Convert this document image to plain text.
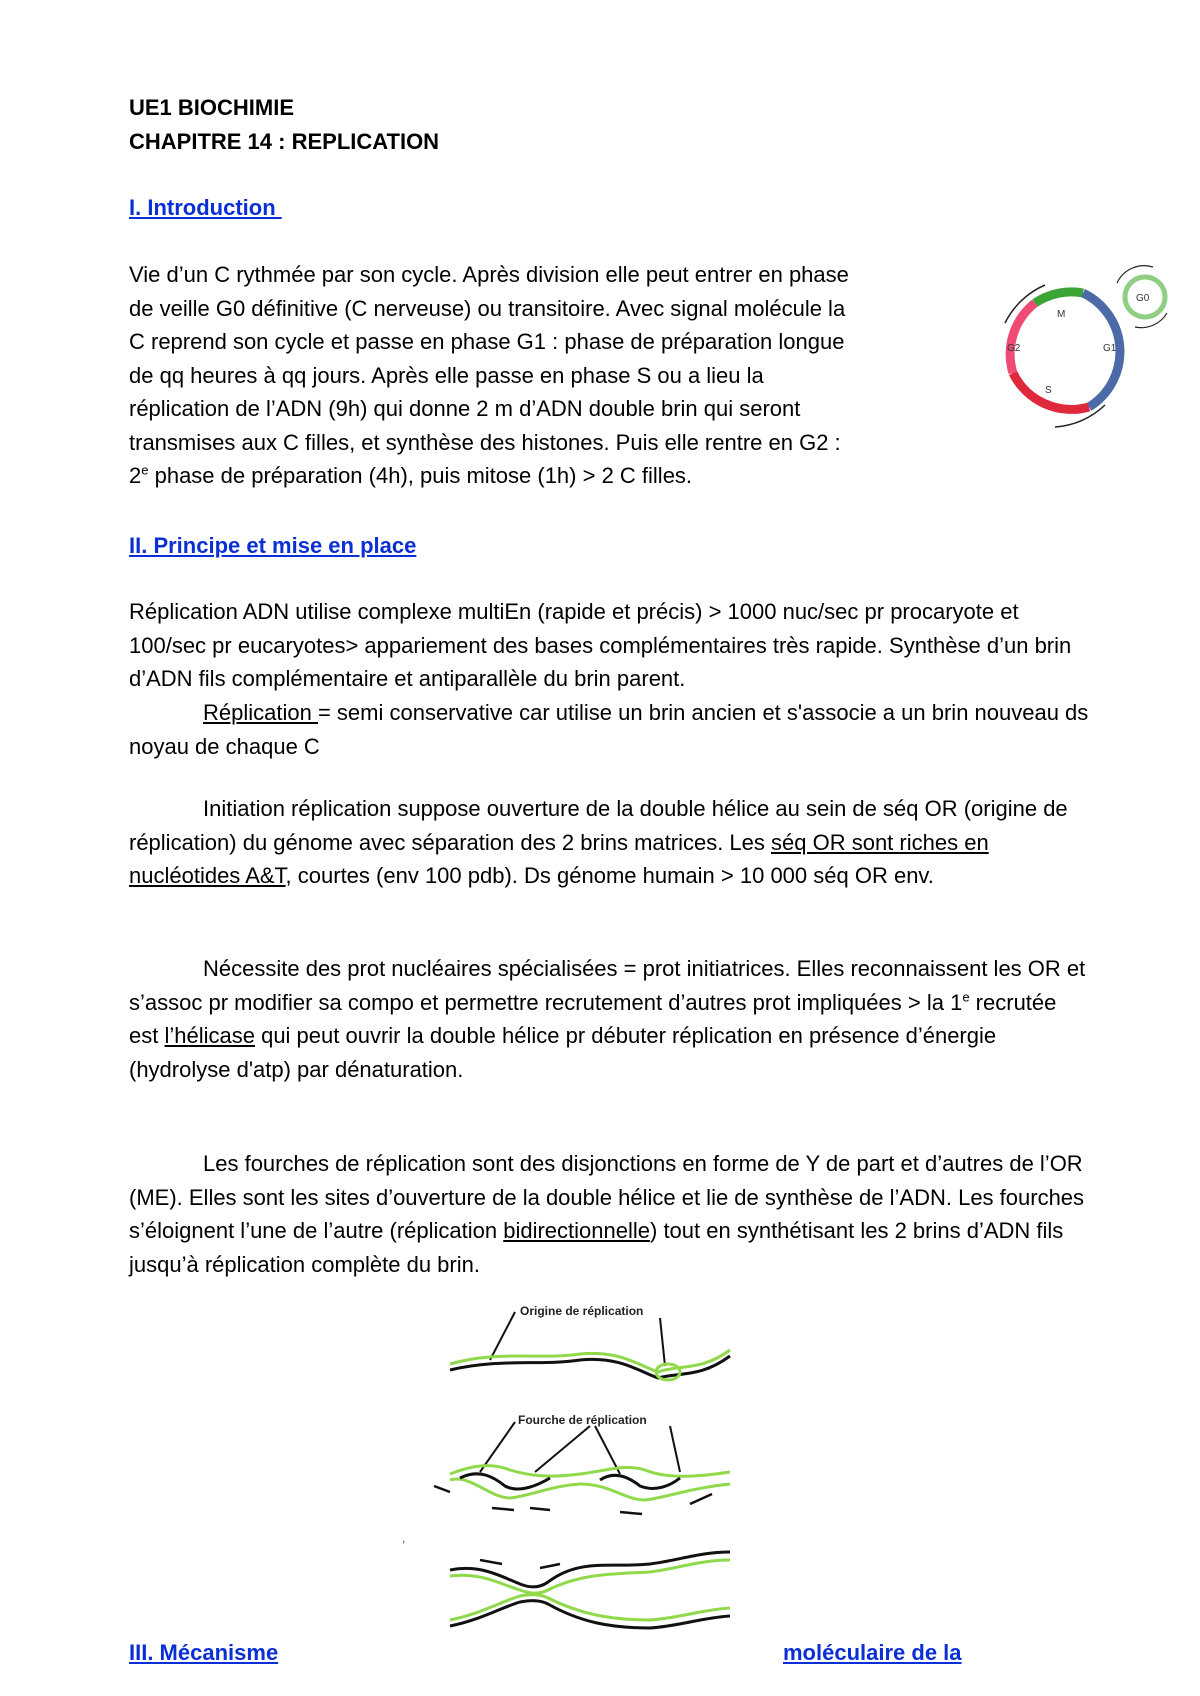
UE1 BIOCHIMIE
CHAPITRE 14 : REPLICATION
I. Introduction
Vie d’un C rythmée par son cycle. Après division elle peut entrer en phase
de veille G0 définitive (C nerveuse) ou transitoire. Avec signal molécule la
C reprend son cycle et passe en phase G1 : phase de préparation longue
de qq heures à qq jours. Après elle passe en phase S ou a lieu la
réplication de l’ADN (9h) qui donne 2 m d’ADN double brin qui seront
transmises aux C filles, et synthèse des histones. Puis elle rentre en G2 :
2e phase de préparation (4h), puis mitose (1h) > 2 C filles.
M
G2	G1
S
G0
II. Principe et mise en place
Réplication ADN utilise complexe multiEn (rapide et précis) > 1000 nuc/sec pr procaryote et 100/sec pr eucaryotes> appariement des bases complémentaires très rapide. Synthèse d’un brin d’ADN fils complémentaire et antiparallèle du brin parent.
Réplication = semi conservative car utilise un brin ancien et s'associe a un brin nouveau ds noyau de chaque C
Initiation réplication suppose ouverture de la double hélice au sein de séq OR (origine de réplication) du génome avec séparation des 2 brins matrices. Les séq OR sont riches en nucléotides A&T, courtes (env 100 pdb). Ds génome humain > 10 000 séq OR env.
Nécessite des prot nucléaires spécialisées = prot initiatrices. Elles reconnaissent les OR et s’assoc pr modifier sa compo et permettre recrutement d’autres prot impliquées > la 1e recrutée est l’hélicase qui peut ouvrir la double hélice pr débuter réplication en présence d’énergie (hydrolyse d'atp) par dénaturation.
Les fourches de réplication sont des disjonctions en forme de Y de part et d’autres de l’OR (ME). Elles sont les sites d’ouverture de la double hélice et lie de synthèse de l’ADN. Les fourches s’éloignent l’une de l’autre (réplication bidirectionnelle) tout en synthétisant les 2 brins d’ADN fils jusqu’à réplication complète du brin.
Origine de réplication
Fourche de réplication
,
III. Mécanisme	moléculaire de la
